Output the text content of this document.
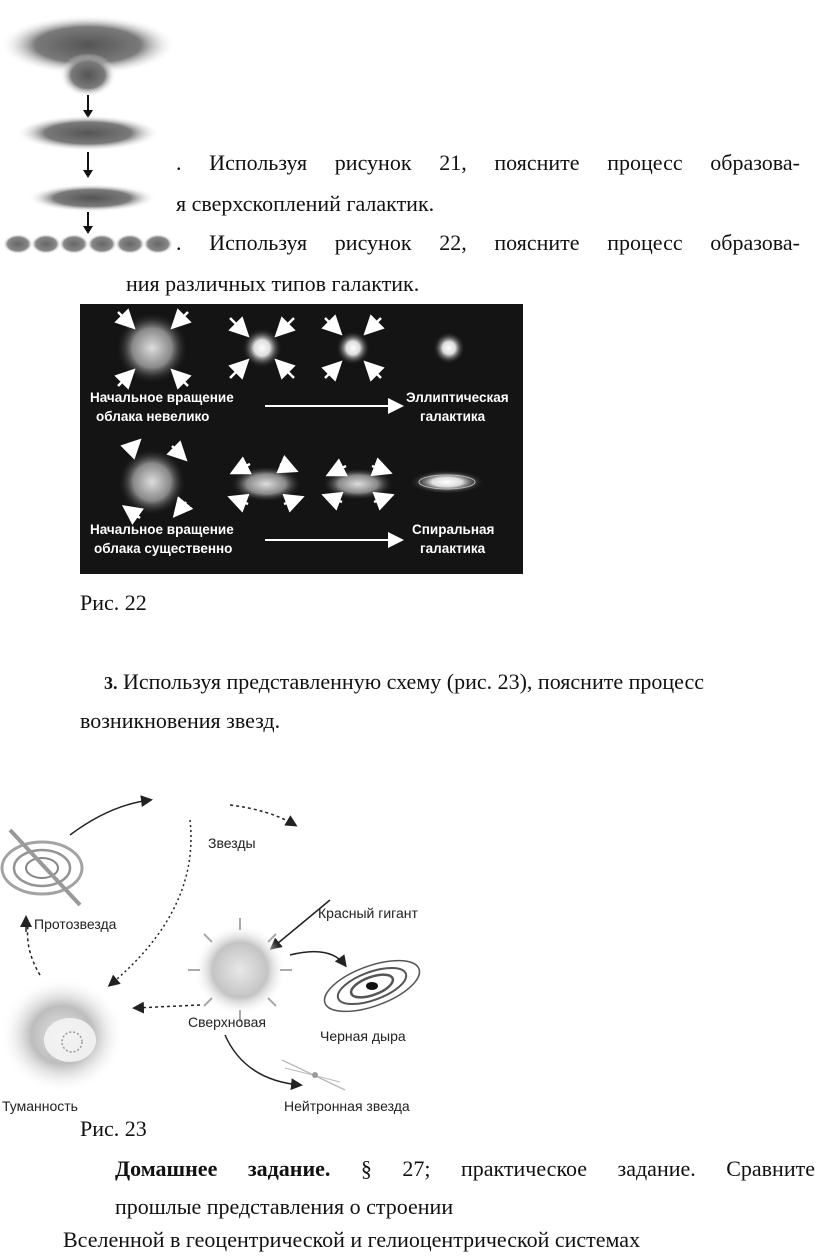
. Используя рисунок 21, поясните процесс образова-
я сверхскоплений галактик.
. Используя рисунок 22, поясните процесс образова-
ния различных типов галактик.
Начальное вращение
облака невелико
Эллиптическая
галактика
Начальное вращение
облака существенно
Спиральная
галактика
Рис. 22
3. Используя представленную схему (рис. 23), поясните процесс
возникновения звезд.
Звезды
Протозвезда
Красный гигант
Сверхновая
Черная дыра
Туманность	Нейтронная звезда
Рис. 23
Домашнее задание. § 27; практическое задание. Сравните
прошлые представления о строении
Вселенной в геоцентрической и гелиоцентрической системах
